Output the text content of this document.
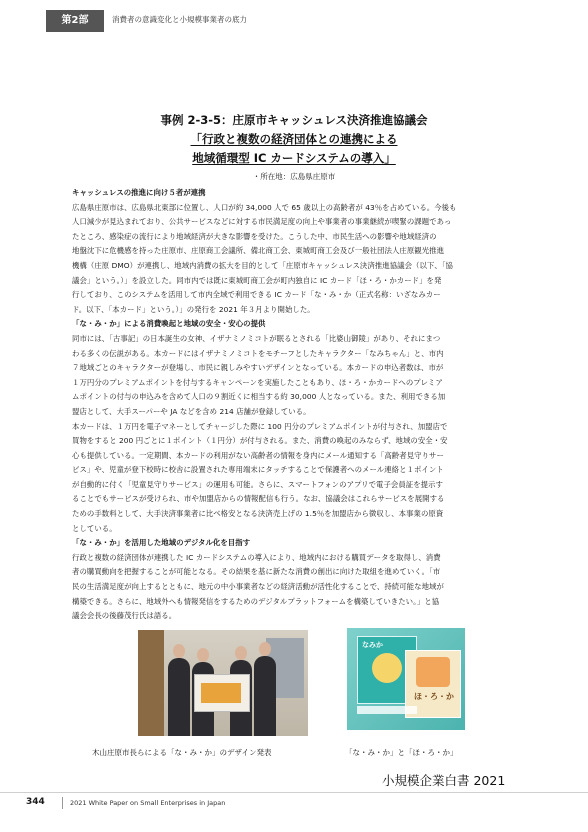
第2部	消費者の意識変化と小規模事業者の底力
事例 2-3-5：庄原市キャッシュレス決済推進協議会
「行政と複数の経済団体との連携による
地域循環型 IC カードシステムの導入」
・所在地：広島県庄原市
キャッシュレスの推進に向け５者が連携
広島県庄原市は、広島県北東部に位置し、人口が約 34,000 人で 65 歳以上の高齢者が 43％を占めている。今後も
人口減少が見込まれており、公共サービスなどに対する市民満足度の向上や事業者の事業継続が喫緊の課題であっ
たところ、感染症の流行により地域経済が大きな影響を受けた。こうした中、市民生活への影響や地域経済の
地盤沈下に危機感を持った庄原市、庄原商工会議所、備北商工会、東城町商工会及び一般社団法人庄原観光推進
機構（庄原 DMO）が連携し、地域内消費の拡大を目的として「庄原市キャッシュレス決済推進協議会（以下、「協
議会」という。）」を設立した。同市内では既に東城町商工会が町内独自に IC カード「ほ・ろ・かカード」を発
行しており、このシステムを活用して市内全域で利用できる IC カード「な・み・か（正式名称：いざなみカー
ド。以下、「本カード」という。）」の発行を 2021 年３月より開始した。
「な・み・か」による消費喚起と地域の安全・安心の提供
同市には、「古事記」の日本誕生の女神、イザナミノミコトが眠るとされる「比婆山御陵」があり、それにまつ
わる多くの伝説がある。本カードにはイザナミノミコトをモチーフとしたキャラクター「なみちゃん」と、市内
７地域ごとのキャラクターが登場し、市民に親しみやすいデザインとなっている。本カードの申込者数は、市が
１万円分のプレミアムポイントを付与するキャンペーンを実施したこともあり、ほ・ろ・かカードへのプレミア
ムポイントの付与の申込みを含めて人口の９割近くに相当する約 30,000 人となっている。また、利用できる加
盟店として、大手スーパーや JA などを含め 214 店舗が登録している。
本カードは、１万円を電子マネーとしてチャージした際に 100 円分のプレミアムポイントが付与され、加盟店で
買物をすると 200 円ごとに１ポイント（１円分）が付与される。また、消費の喚起のみならず、地域の安全・安
心も提供している。一定期間、本カードの利用がない高齢者の情報を身内にメール通知する「高齢者見守りサー
ビス」や、児童が登下校時に校舎に設置された専用端末にタッチすることで保護者へのメール連絡と１ポイント
が自動的に付く「児童見守りサービス」の運用も可能。さらに、スマートフォンのアプリで電子会員証を提示す
ることでもサービスが受けられ、市や加盟店からの情報配信も行う。なお、協議会はこれらサービスを展開する
ための手数料として、大手決済事業者に比べ格安となる決済売上げの 1.5％を加盟店から徴収し、本事業の原資
としている。
「な・み・か」を活用した地域のデジタル化を目指す
行政と複数の経済団体が連携した IC カードシステムの導入により、地域内における購買データを取得し、消費
者の購買動向を把握することが可能となる。その結果を基に新たな消費の創出に向けた取組を進めていく。「市
民の生活満足度が向上するとともに、地元の中小事業者などの経済活動が活性化することで、持続可能な地域が
構築できる。さらに、地域外へも情報発信をするためのデジタルプラットフォームを構築していきたい。」と協
議会会長の後藤茂行氏は語る。
なみか
ほ・ろ・か
木山庄原市長らによる「な・み・か」のデザイン発表	「な・み・か」と「ほ・ろ・か」
小規模企業白書 2021
344	2021 White Paper on Small Enterprises in Japan
